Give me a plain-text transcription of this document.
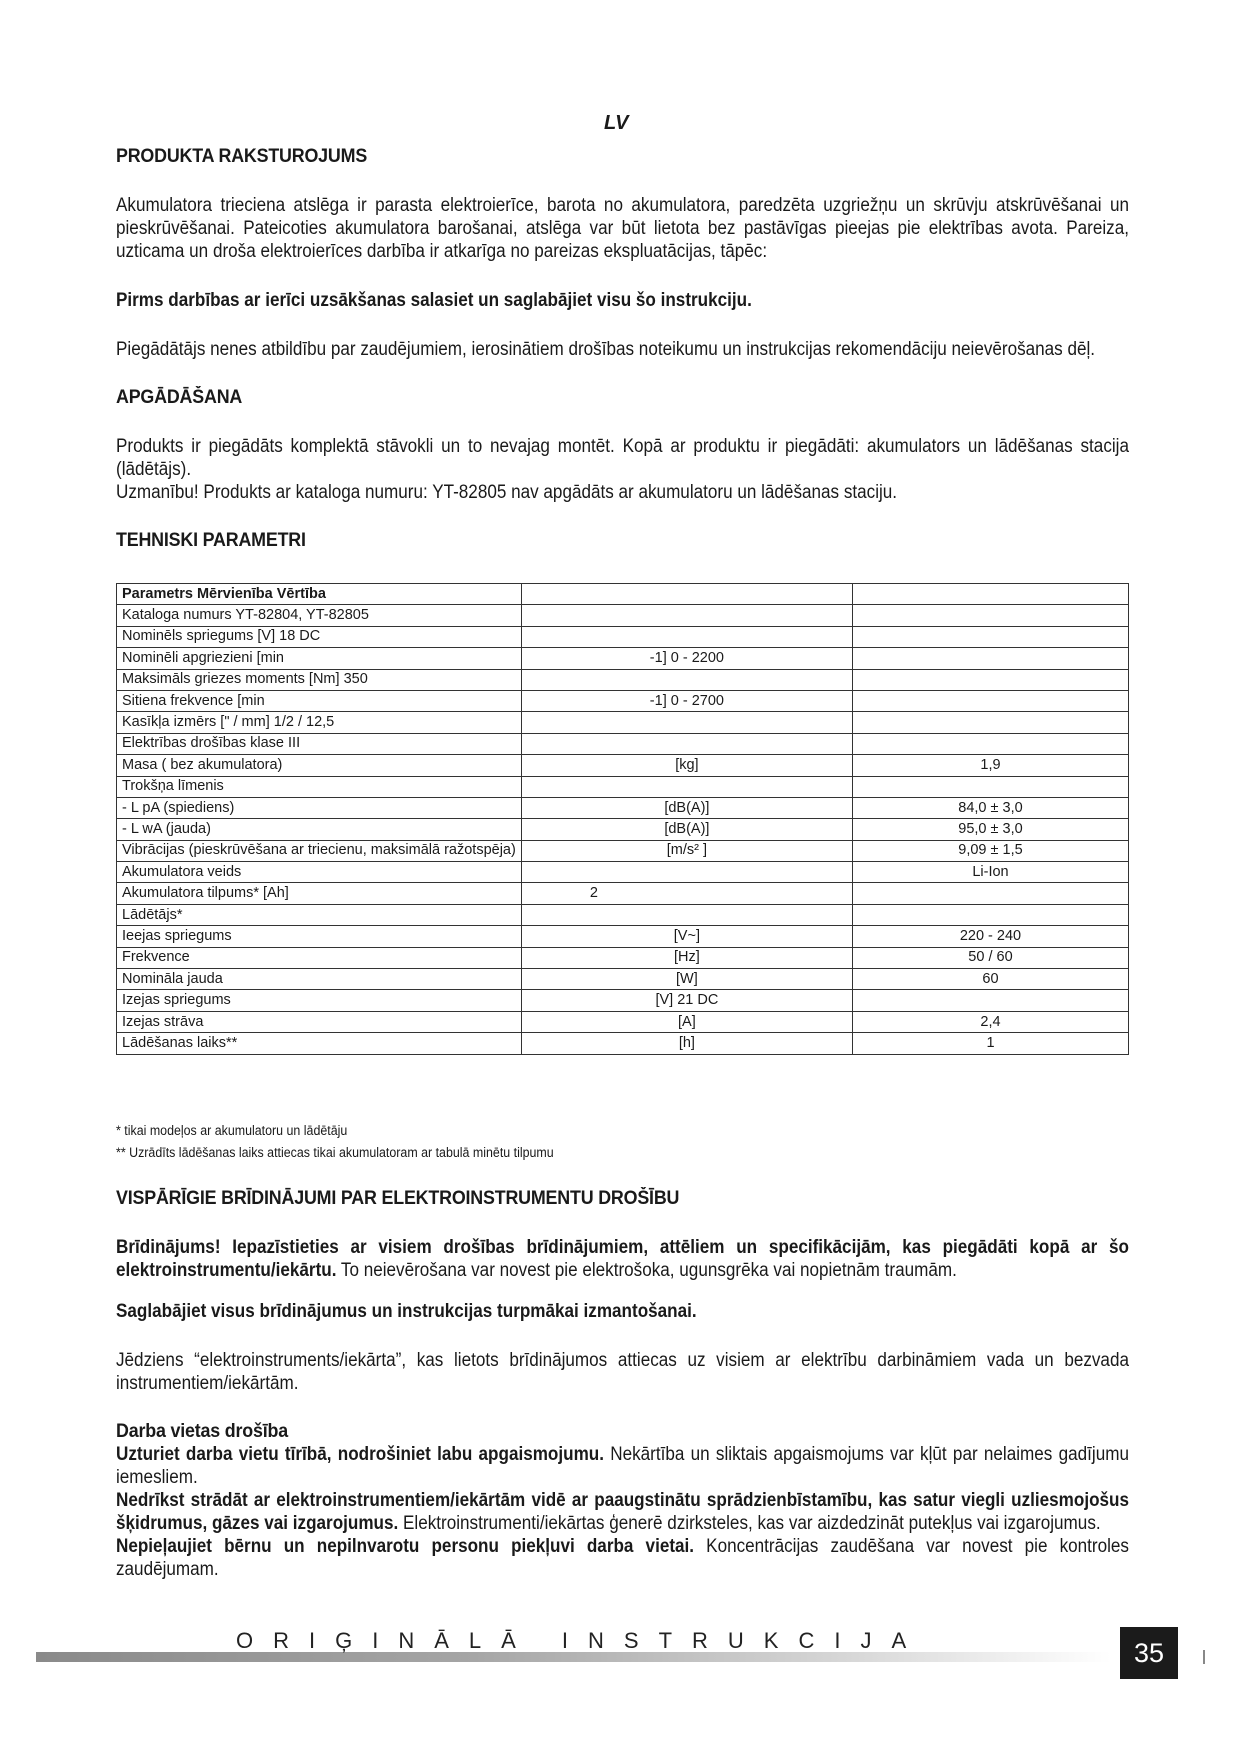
LV
PRODUKTA RAKSTUROJUMS

Akumulatora trieciena atslēga ir parasta elektroierīce, barota no akumulatora, paredzēta uzgriežņu un skrūvju atskrūvēšanai un pieskrūvēšanai. Pateicoties akumulatora barošanai, atslēga var būt lietota bez pastāvīgas pieejas pie elektrības avota. Pareiza, uzticama un droša elektroierīces darbība ir atkarīga no pareizas ekspluatācijas, tāpēc:

Pirms darbības ar ierīci uzsākšanas salasiet un saglabājiet visu šo instrukciju.

Piegādātājs nenes atbildību par zaudējumiem, ierosinātiem drošības noteikumu un instrukcijas rekomendāciju neievērošanas dēļ.

APGĀDĀŠANA

Produkts ir piegādāts komplektā stāvokli un to nevajag montēt. Kopā ar produktu ir piegādāti: akumulators un lādēšanas stacija (lādētājs).

Uzmanību! Produkts ar kataloga numuru: YT-82805 nav apgādāts ar akumulatoru un lādēšanas staciju.

TEHNISKI PARAMETRI
Parametrs Mērvienība Vērtība		
Kataloga numurs YT-82804, YT-82805		
Nominēls spriegums [V] 18 DC		
Nominēli apgriezieni [min	-1] 0 - 2200	
Maksimāls griezes moments [Nm] 350		
Sitiena frekvence [min	-1] 0 - 2700	
Kasīkļa izmērs [" / mm] 1/2 / 12,5		
Elektrības drošības klase III		
Masa ( bez akumulatora)	[kg]	1,9
Trokšņa līmenis		
- L pA (spiediens)	[dB(A)]	84,0 ± 3,0
- L wA (jauda)	[dB(A)]	95,0 ± 3,0
Vibrācijas (pieskrūvēšana ar triecienu, maksimālā ražotspēja)	[m/s² ]	9,09 ± 1,5
Akumulatora veids		Li-Ion
Akumulatora tilpums* [Ah]	2	
Lādētājs*		
Ieejas spriegums	[V~]	220 - 240
Frekvence	[Hz]	50 / 60
Nomināla jauda	[W]	60
Izejas spriegums	[V] 21 DC	
Izejas strāva	[A]	2,4
Lādēšanas laiks**	[h]	1
* tikai modeļos ar akumulatoru un lādētāju
** Uzrādīts lādēšanas laiks attiecas tikai akumulatoram ar tabulā minētu tilpumu
VISPĀRĪGIE BRĪDINĀJUMI PAR ELEKTROINSTRUMENTU DROŠĪBU

Brīdinājums! Iepazīstieties ar visiem drošības brīdinājumiem, attēliem un specifikācijām, kas piegādāti kopā ar šo elektroinstrumentu/iekārtu. To neievērošana var novest pie elektrošoka, ugunsgrēka vai nopietnām traumām.

Saglabājiet visus brīdinājumus un instrukcijas turpmākai izmantošanai.

Jēdziens “elektroinstruments/iekārta”, kas lietots brīdinājumos attiecas uz visiem ar elektrību darbināmiem vada un bezvada instrumentiem/iekārtām.

Darba vietas drošība

Uzturiet darba vietu tīrībā, nodrošiniet labu apgaismojumu. Nekārtība un sliktais apgaismojums var kļūt par nelaimes gadījumu iemesliem.

Nedrīkst strādāt ar elektroinstrumentiem/iekārtām vidē ar paaugstinātu sprādzienbīstamību, kas satur viegli uzliesmojošus šķidrumus, gāzes vai izgarojumus. Elektroinstrumenti/iekārtas ģenerē dzirksteles, kas var aizdedzināt putekļus vai izgarojumus.

Nepieļaujiet bērnu un nepilnvarotu personu piekļuvi darba vietai. Koncentrācijas zaudēšana var novest pie kontroles zaudējumam.

ORIĢINĀLĀ INSTRUKCIJA	35
